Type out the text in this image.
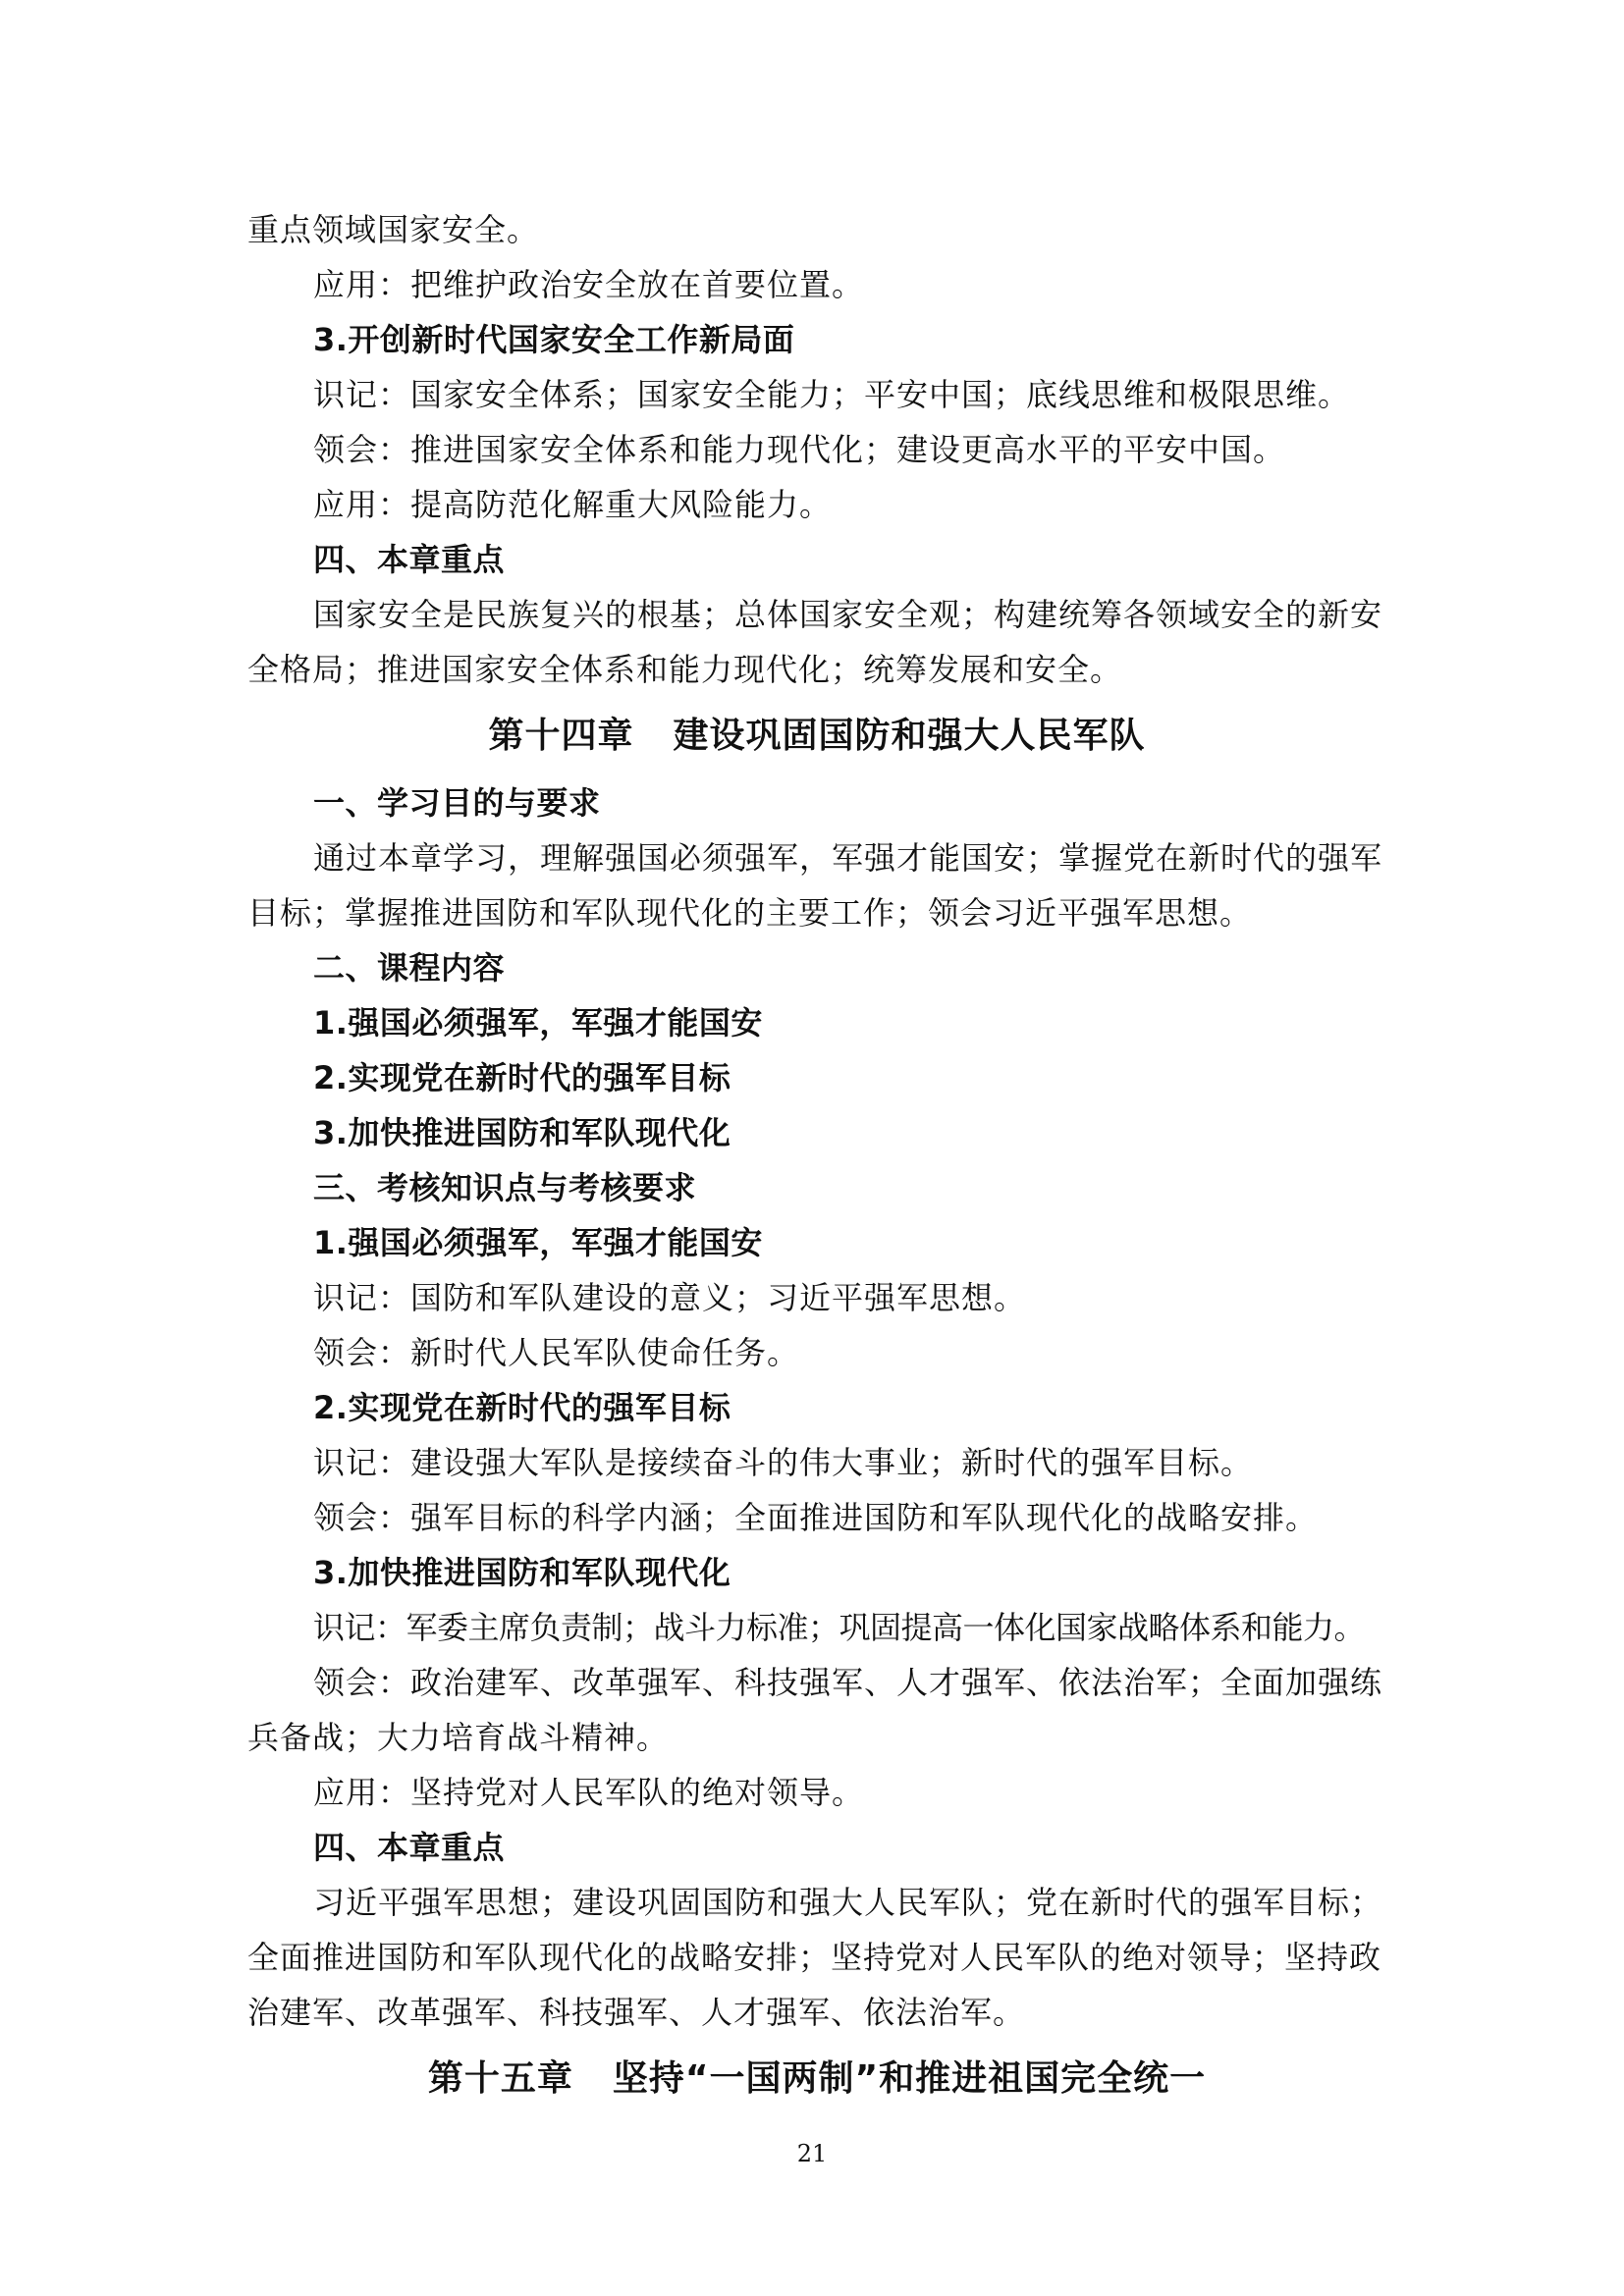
重点领域国家安全。
应用：把维护政治安全放在首要位置。
3.开创新时代国家安全工作新局面
识记：国家安全体系；国家安全能力；平安中国；底线思维和极限思维。
领会：推进国家安全体系和能力现代化；建设更高水平的平安中国。
应用：提高防范化解重大风险能力。
四、本章重点
国家安全是民族复兴的根基；总体国家安全观；构建统筹各领域安全的新安
全格局；推进国家安全体系和能力现代化；统筹发展和安全。
第十四章 建设巩固国防和强大人民军队
一、学习目的与要求
通过本章学习，理解强国必须强军，军强才能国安；掌握党在新时代的强军
目标；掌握推进国防和军队现代化的主要工作；领会习近平强军思想。
二、课程内容
1.强国必须强军，军强才能国安
2.实现党在新时代的强军目标
3.加快推进国防和军队现代化
三、考核知识点与考核要求
1.强国必须强军，军强才能国安
识记：国防和军队建设的意义；习近平强军思想。
领会：新时代人民军队使命任务。
2.实现党在新时代的强军目标
识记：建设强大军队是接续奋斗的伟大事业；新时代的强军目标。
领会：强军目标的科学内涵；全面推进国防和军队现代化的战略安排。
3.加快推进国防和军队现代化
识记：军委主席负责制；战斗力标准；巩固提高一体化国家战略体系和能力。
领会：政治建军、改革强军、科技强军、人才强军、依法治军；全面加强练
兵备战；大力培育战斗精神。
应用：坚持党对人民军队的绝对领导。
四、本章重点
习近平强军思想；建设巩固国防和强大人民军队；党在新时代的强军目标；
全面推进国防和军队现代化的战略安排；坚持党对人民军队的绝对领导；坚持政
治建军、改革强军、科技强军、人才强军、依法治军。
第十五章 坚持“一国两制”和推进祖国完全统一
21
